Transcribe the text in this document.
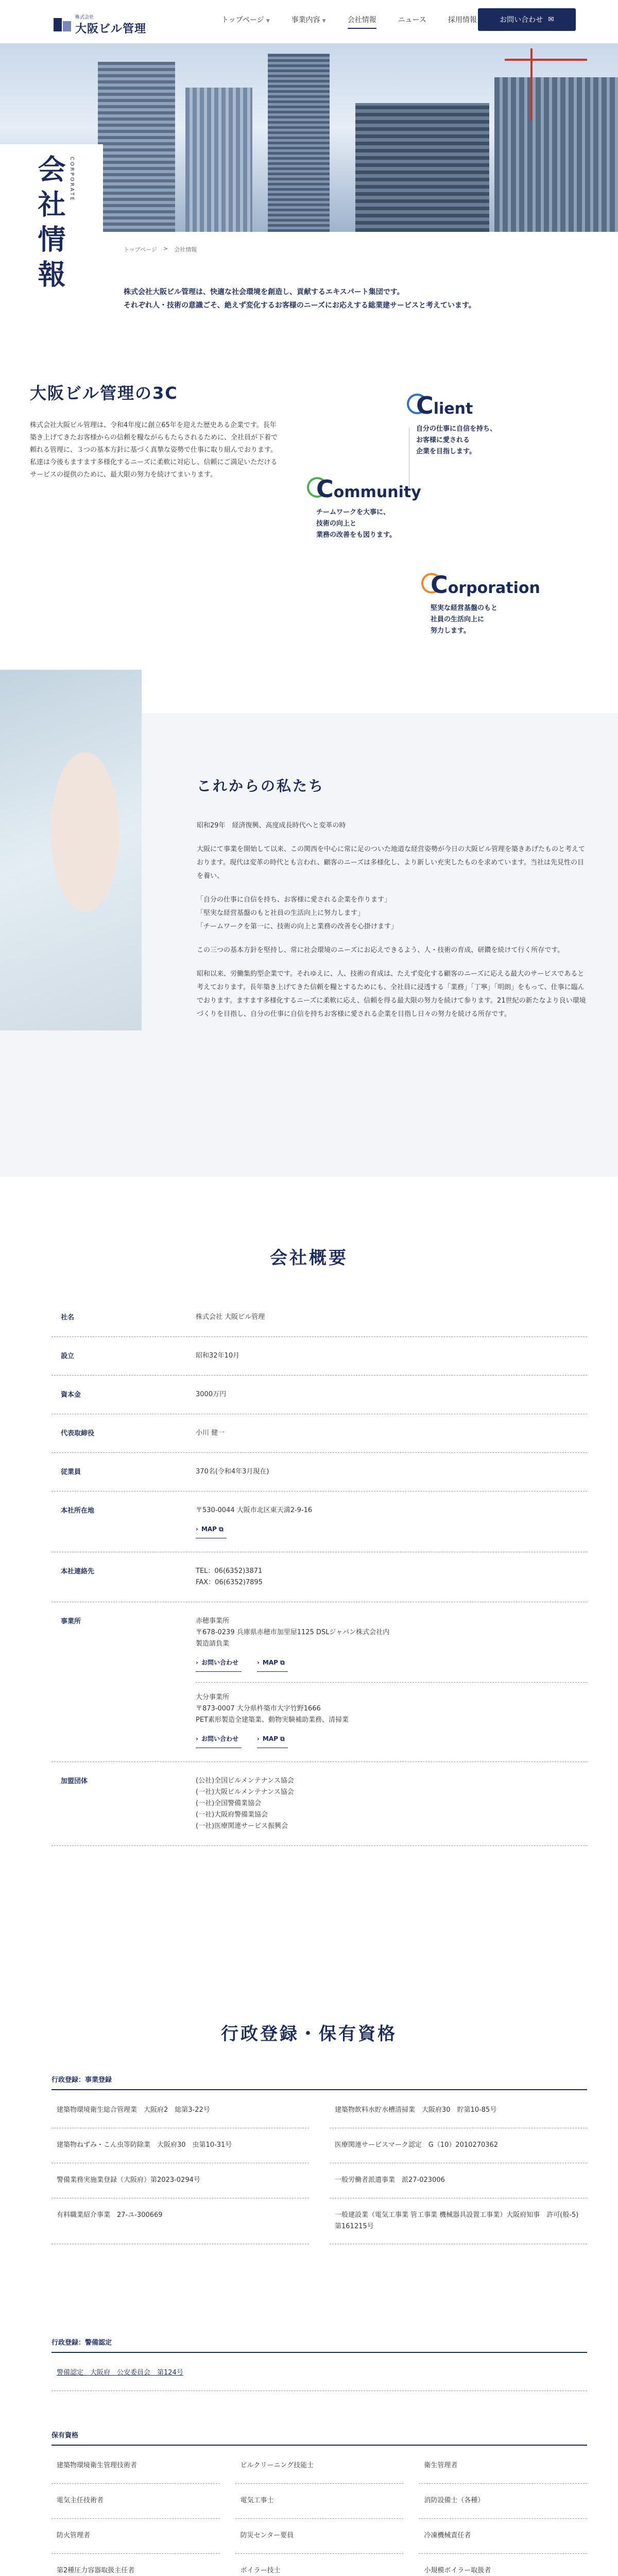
株式会社
大阪ビル管理
トップページ ▼	事業内容 ▼	会社情報	ニュース	採用情報	お問い合わせ ✉
会社情報 CORPORATE
トップページ > 会社情報
株式会社大阪ビル管理は、快適な社会環境を創造し、貢献するエキスパート集団です。
それぞれ人・技術の意識ごそ、絶えず変化するお客様のニーズにお応えする総業建サービスと考えています。
大阪ビル管理の3C
株式会社大阪ビル管理は、令和4年度に創立65年を迎えた歴史ある企業です。長年築き上げてきたお客様からの信頼を糧ながらもたらされるために、全社員が下着で頼れる管理に、３つの基本方針に基づく真摯な姿勢で仕事に取り組んでおります。私達は今後もますます多様化するニーズに柔軟に対応し、信頼にご満足いただけるサービスの提供のために、最大限の努力を続けてまいります。
Client
自分の仕事に自信を持ち、
お客様に愛される
企業を目指します。
Community
チームワークを大事に、
技術の向上と
業務の改善をも図ります。
Corporation
堅実な経営基盤のもと
社員の生活向上に
努力します。
これからの私たち

昭和29年　経済復興、高度成長時代へと変革の時

大阪にて事業を開始して以来、この関西を中心に常に足のついた地道な経営姿勢が今日の大阪ビル管理を築きあげたものと考えております。現代は変革の時代とも言われ、顧客のニーズは多様化し、より新しい充実したものを求めています。当社は先見性の目を養い、

「自分の仕事に自信を持ち、お客様に愛される企業を作ります」
「堅実な経営基盤のもと社員の生活向上に努力します」

「チームワークを第一に、技術の向上と業務の改善を心掛けます」

この三つの基本方針を堅持し、常に社会環境のニーズにお応えできるよう、人・技術の育成、研鑽を続けて行く所存です。

昭和以来、労働集約型企業です。それゆえに、人、技術の育成は、たえず変化する顧客のニーズに応える最大のサービスであると考えております。長年築き上げてきた信頼を糧とするためにも、全社員に浸透する「業務」「丁寧」「明朗」をもって、仕事に臨んでおります。ますます多様化するニーズに柔軟に応え、信頼を得る最大限の努力を続けて参ります。21世紀の新たなより良い環境づくりを目指し、自分の仕事に自信を持ちお客様に愛される企業を目指し日々の努力を続ける所存です。

会社概要
社名	株式会社 大阪ビル管理
設立	昭和32年10月
資本金	3000万円
代表取締役	小川 健一
従業員	370名(令和4年3月現在)
本社所在地	〒530-0044 大阪市北区東天満2-9-16
› MAP ⧉
本社連絡先	TEL：06(6352)3871
FAX：06(6352)7895
事業所	赤穂事業所
〒678-0239 兵庫県赤穂市加里屋1125 DSLジャパン株式会社内
製造請負業
› お問い合わせ	› MAP ⧉
大分事業所
〒873-0007 大分県杵築市大字竹野1666
PET素形製造全建築業、動物実験補助業務、清掃業
› お問い合わせ	› MAP ⧉
加盟団体	(公社)全国ビルメンテナンス協会
(一社)大阪ビルメンテナンス協会
(一社)全国警備業協会
(一社)大阪府警備業協会
(一社)医療関連サービス振興会
行政登録・保有資格
行政登録：事業登録
建築物環境衛生総合管理業　大阪府2　総第3-22号	建築物飲料水貯水槽清掃業　大阪府30　貯第10-85号
建築物ねずみ・こん虫等防除業　大阪府30　虫第10-31号	医療関連サービスマーク認定　G（10）2010270362
警備業務実施業登録（大阪府）第2023-0294号	一般労働者派遣事業　派27-023006
有料職業紹介事業　27-ユ-300669	一般建設業（電気工事業 管工事業 機械器具設置工事業）大阪府知事　許可(般-5)　第161215号
行政登録：警備認定
警備認定　大阪府　公安委員会　第124号
保有資格
建築物環境衛生管理技術者	ビルクリーニング技能士	衛生管理者
電気主任技術者	電気工事士	消防設備士（各種）
防火管理者	防災センター要員	冷凍機械責任者
第2種圧力容器取扱主任者	ボイラー技士	小規模ボイラー取扱者
